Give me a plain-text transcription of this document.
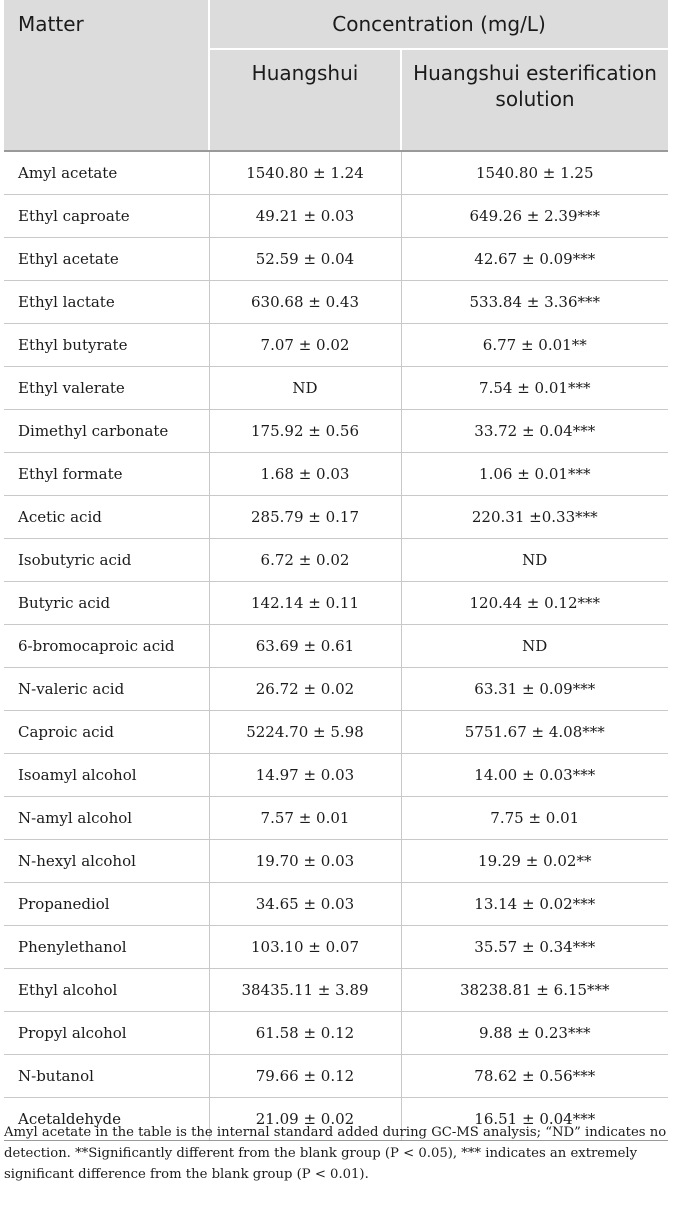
Matter	Concentration (mg/L)	
	Huangshui	Huangshui esterification solution
Amyl acetate	1540.80 ± 1.24	1540.80 ± 1.25
Ethyl caproate	49.21 ± 0.03	649.26 ± 2.39***
Ethyl acetate	52.59 ± 0.04	42.67 ± 0.09***
Ethyl lactate	630.68 ± 0.43	533.84 ± 3.36***
Ethyl butyrate	7.07 ± 0.02	6.77 ± 0.01**
Ethyl valerate	ND	7.54 ± 0.01***
Dimethyl carbonate	175.92 ± 0.56	33.72 ± 0.04***
Ethyl formate	1.68 ± 0.03	1.06 ± 0.01***
Acetic acid	285.79 ± 0.17	220.31 ±0.33***
Isobutyric acid	6.72 ± 0.02	ND
Butyric acid	142.14 ± 0.11	120.44 ± 0.12***
6-bromocaproic acid	63.69 ± 0.61	ND
N-valeric acid	26.72 ± 0.02	63.31 ± 0.09***
Caproic acid	5224.70 ± 5.98	5751.67 ± 4.08***
Isoamyl alcohol	14.97 ± 0.03	14.00 ± 0.03***
N-amyl alcohol	7.57 ± 0.01	7.75 ± 0.01
N-hexyl alcohol	19.70 ± 0.03	19.29 ± 0.02**
Propanediol	34.65 ± 0.03	13.14 ± 0.02***
Phenylethanol	103.10 ± 0.07	35.57 ± 0.34***
Ethyl alcohol	38435.11 ± 3.89	38238.81 ± 6.15***
Propyl alcohol	61.58 ± 0.12	9.88 ± 0.23***
N-butanol	79.66 ± 0.12	78.62 ± 0.56***
Acetaldehyde	21.09 ± 0.02	16.51 ± 0.04***

Amyl acetate in the table is the internal standard added during GC-MS analysis; “ND” indicates no detection. **Significantly different from the blank group (P < 0.05), *** indicates an extremely significant difference from the blank group (P < 0.01).
